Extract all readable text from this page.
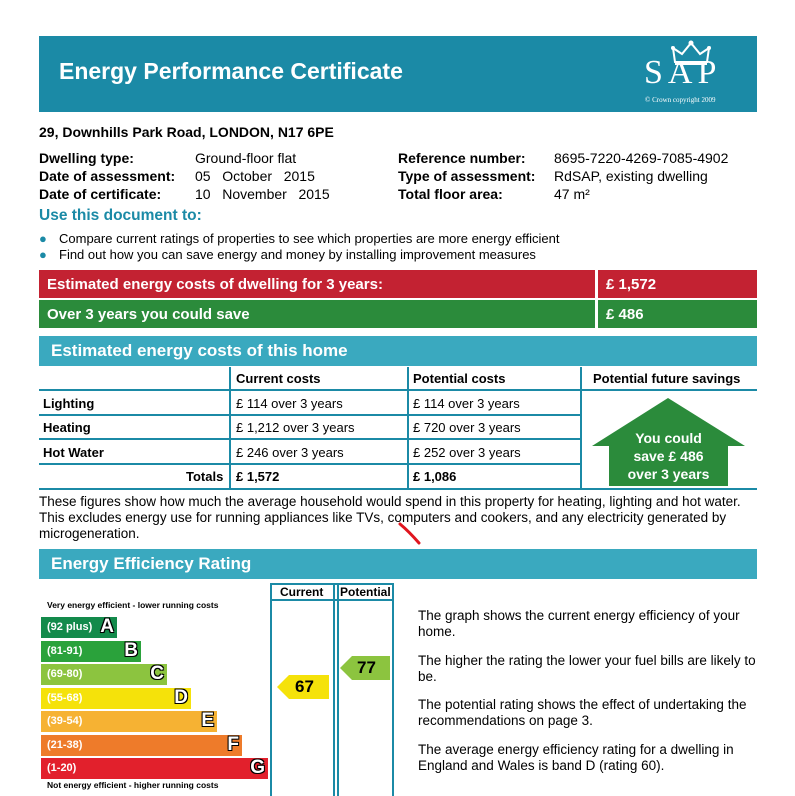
Energy Performance Certificate	SAP
© Crown copyright 2009
29, Downhills Park Road, LONDON, N17 6PE
Dwelling type:	Ground-floor flat
Date of assessment: 05   October   2015
Date of certificate: 10   November   2015
Reference number: 8695-7220-4269-7085-4902
Type of assessment: RdSAP, existing dwelling
Total floor area:	47 m²
Use this document to:
● Compare current ratings of properties to see which properties are more energy efficient
● Find out how you can save energy and money by installing improvement measures
Estimated energy costs of dwelling for 3 years:	£ 1,572
Over 3 years you could save	£ 486
Estimated energy costs of this home
Current costs	Potential costs	Potential future savings
Lighting	£ 114 over 3 years	£ 114 over 3 years
Heating	£ 1,212 over 3 years	£ 720 over 3 years
Hot Water	£ 246 over 3 years	£ 252 over 3 years
Totals £ 1,572	£ 1,086
You could
save £ 486
over 3 years
These figures show how much the average household would spend in this property for heating, lighting and hot water. This excludes energy use for running appliances like TVs, computers and cookers, and any electricity generated by microgeneration.
Energy Efficiency Rating
Current Potential
Very energy efficient - lower running costs
Not energy efficient - higher running costs
(92 plus) A
(81-91) B
(69-80)	C
(55-68)	D
(39-54)	E
(21-38)	F
(1-20)	G
67
77
The graph shows the current energy efficiency of your home.
The higher the rating the lower your fuel bills are likely to be.
The potential rating shows the effect of undertaking the recommendations on page 3.
The average energy efficiency rating for a dwelling in England and Wales is band D (rating 60).
